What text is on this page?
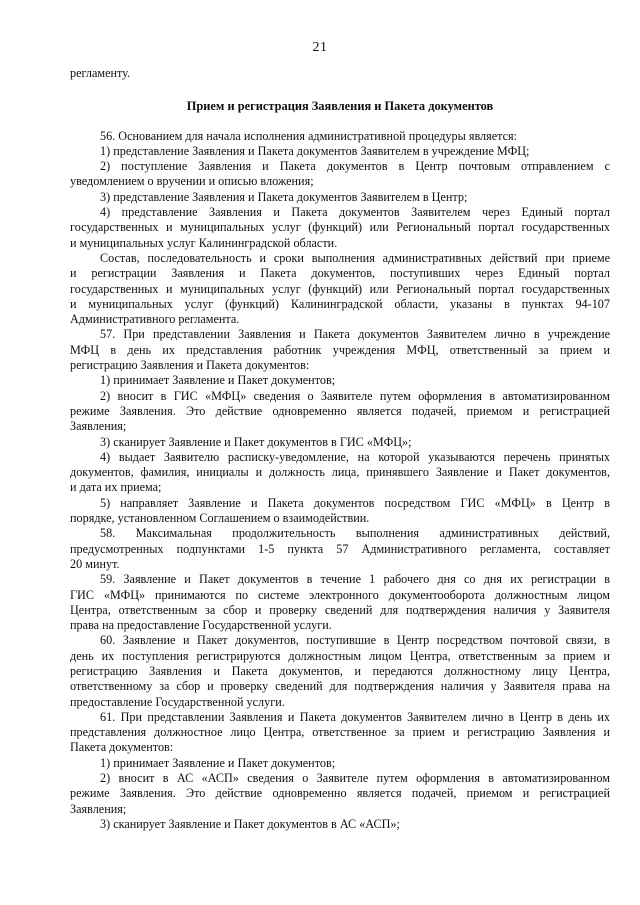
21
регламенту.
Прием и регистрация Заявления и Пакета документов
56. Основанием для начала исполнения административной процедуры является:
1) представление Заявления и Пакета документов Заявителем в учреждение МФЦ;
2) поступление Заявления и Пакета документов в Центр почтовым отправлением с
уведомлением о вручении и описью вложения;
3) представление Заявления и Пакета документов Заявителем в Центр;
4) представление Заявления и Пакета документов Заявителем через Единый портал
государственных и муниципальных услуг (функций) или Региональный портал государственных
и муниципальных услуг Калининградской области.
Состав, последовательность и сроки выполнения административных действий при приеме
и регистрации Заявления и Пакета документов, поступивших через Единый портал
государственных и муниципальных услуг (функций) или Региональный портал государственных
и муниципальных услуг (функций) Калининградской области, указаны в пунктах 94-107
Административного регламента.
57. При представлении Заявления и Пакета документов Заявителем лично в учреждение
МФЦ в день их представления работник учреждения МФЦ, ответственный за прием и
регистрацию Заявления и Пакета документов:
1) принимает Заявление и Пакет документов;
2) вносит в ГИС «МФЦ» сведения о Заявителе путем оформления в автоматизированном
режиме Заявления. Это действие одновременно является подачей, приемом и регистрацией
Заявления;
3) сканирует Заявление и Пакет документов в ГИС «МФЦ»;
4) выдает Заявителю расписку-уведомление, на которой указываются перечень принятых
документов, фамилия, инициалы и должность лица, принявшего Заявление и Пакет документов,
и дата их приема;
5) направляет Заявление и Пакета документов посредством ГИС «МФЦ» в Центр в
порядке, установленном Соглашением о взаимодействии.
58. Максимальная продолжительность выполнения административных действий,
предусмотренных подпунктами 1-5 пункта 57 Административного регламента, составляет
20 минут.
59. Заявление и Пакет документов в течение 1 рабочего дня со дня их регистрации в
ГИС «МФЦ» принимаются по системе электронного документооборота должностным лицом
Центра, ответственным за сбор и проверку сведений для подтверждения наличия у Заявителя
права на предоставление Государственной услуги.
60. Заявление и Пакет документов, поступившие в Центр посредством почтовой связи, в
день их поступления регистрируются должностным лицом Центра, ответственным за прием и
регистрацию Заявления и Пакета документов, и передаются должностному лицу Центра,
ответственному за сбор и проверку сведений для подтверждения наличия у Заявителя права на
предоставление Государственной услуги.
61. При представлении Заявления и Пакета документов Заявителем лично в Центр в день их
представления должностное лицо Центра, ответственное за прием и регистрацию Заявления и
Пакета документов:
1) принимает Заявление и Пакет документов;
2) вносит в АС «АСП» сведения о Заявителе путем оформления в автоматизированном
режиме Заявления. Это действие одновременно является подачей, приемом и регистрацией
Заявления;
3) сканирует Заявление и Пакет документов в АС «АСП»;
